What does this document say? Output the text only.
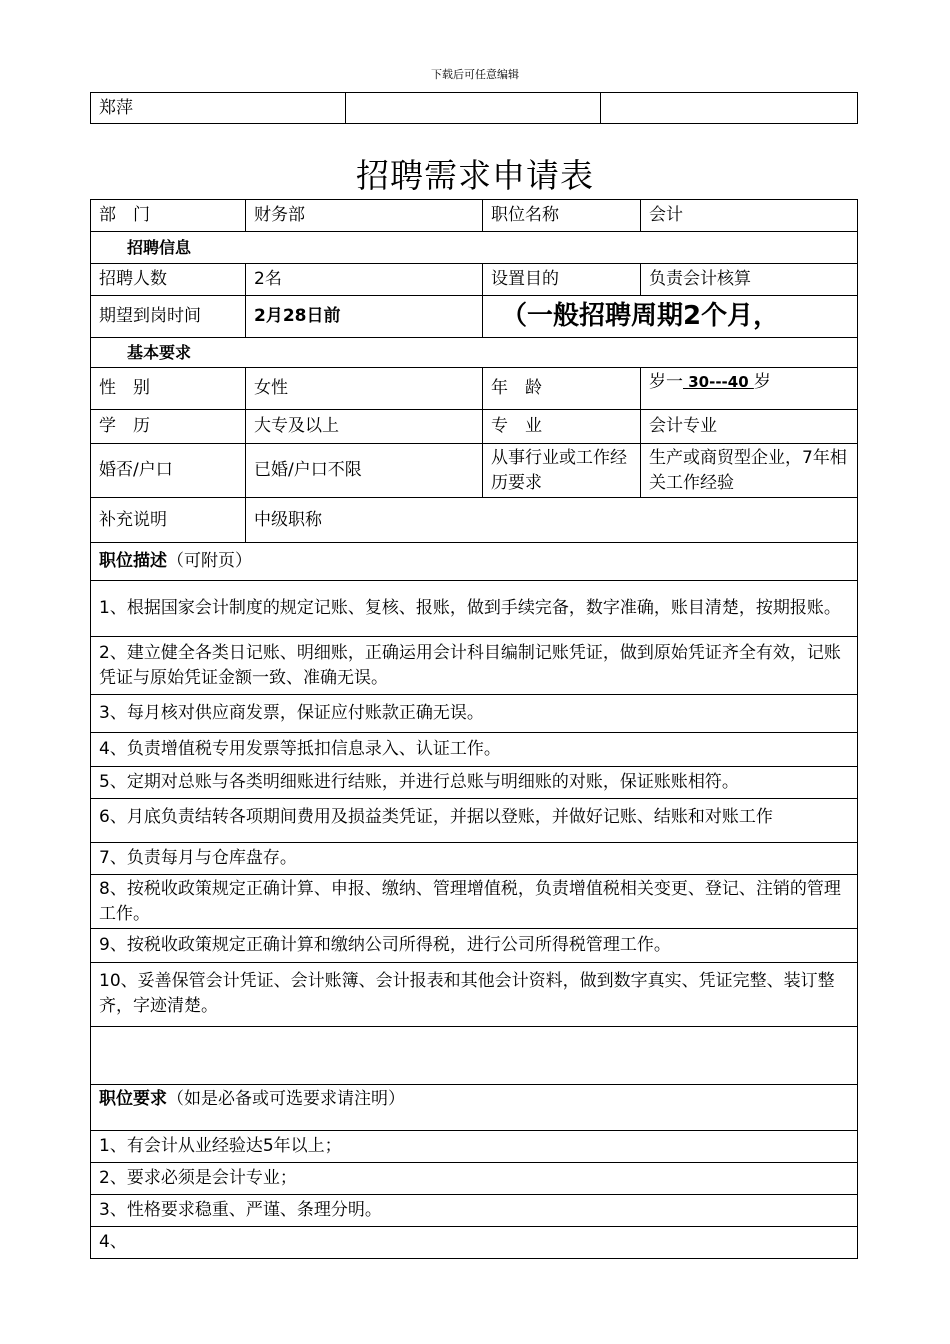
下载后可任意编辑
郑萍		
招聘需求申请表
部　门	财务部	职位名称	会计
招聘信息			
招聘人数	2名	设置目的	负责会计核算
期望到岗时间	2月28日前	（一般招聘周期2个月，	
基本要求			
性　别	女性	年　龄	岁一 30---40 岁
学　历	大专及以上	专　业	会计专业
婚否/户口	已婚/户口不限	从事行业或工作经历要求	生产或商贸型企业，7年相关工作经验
补充说明	中级职称		
职位描述（可附页）			
1、根据国家会计制度的规定记账、复核、报账，做到手续完备，数字准确，账目清楚，按期报账。			
2、建立健全各类日记账、明细账，正确运用会计科目编制记账凭证，做到原始凭证齐全有效，记账凭证与原始凭证金额一致、准确无误。			
3、每月核对供应商发票，保证应付账款正确无误。			
4、负责增值税专用发票等抵扣信息录入、认证工作。			
5、定期对总账与各类明细账进行结账，并进行总账与明细账的对账，保证账账相符。			

6、月底负责结转各项期间费用及损益类凭证，并据以登账，并做好记账、结账和对账工作			

7、负责每月与仓库盘存。			
8、按税收政策规定正确计算、申报、缴纳、管理增值税，负责增值税相关变更、登记、注销的管理工作。			
9、按税收政策规定正确计算和缴纳公司所得税，进行公司所得税管理工作。			
10、妥善保管会计凭证、会计账簿、会计报表和其他会计资料，做到数字真实、凭证完整、装订整齐，字迹清楚。			

职位要求（如是必备或可选要求请注明）			
1、有会计从业经验达5年以上；			
2、要求必须是会计专业；			
3、性格要求稳重、严谨、条理分明。			
4、			
